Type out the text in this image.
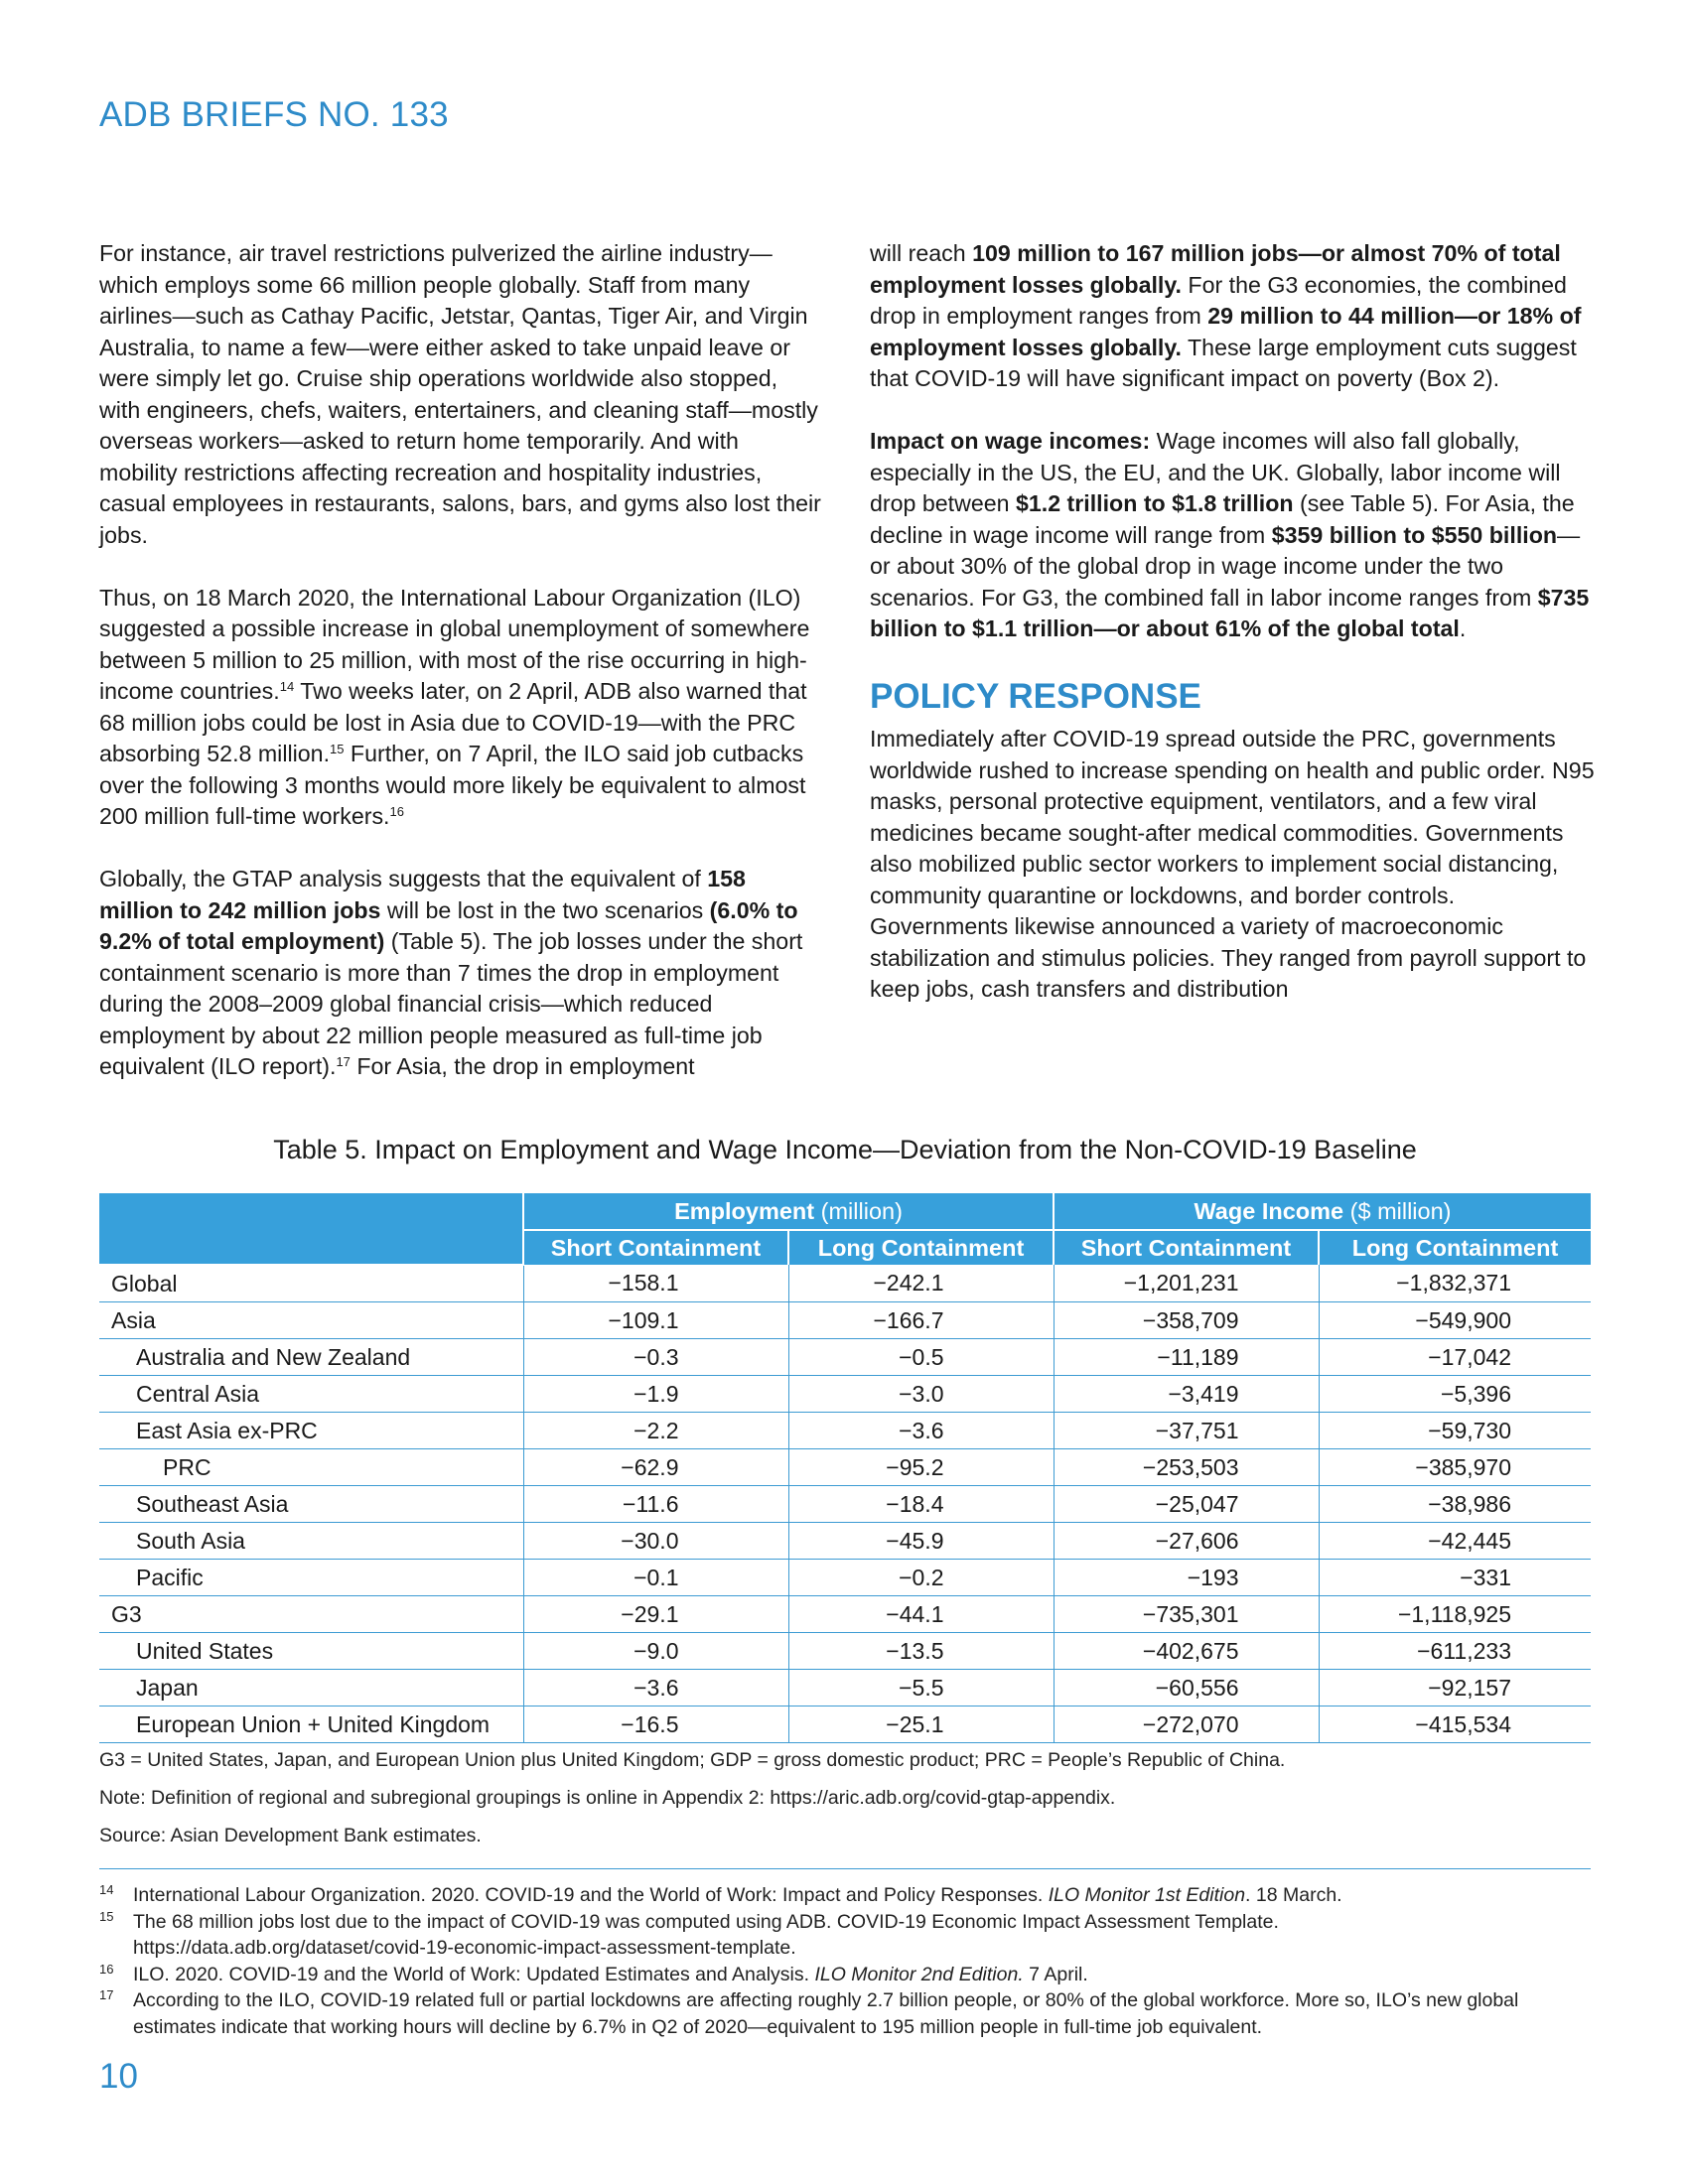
ADB BRIEFS NO. 133

For instance, air travel restrictions pulverized the airline industry—which employs some 66 million people globally. Staff from many airlines—such as Cathay Pacific, Jetstar, Qantas, Tiger Air, and Virgin Australia, to name a few—were either asked to take unpaid leave or were simply let go. Cruise ship operations worldwide also stopped, with engineers, chefs, waiters, entertainers, and cleaning staff—mostly overseas workers—asked to return home temporarily. And with mobility restrictions affecting recreation and hospitality industries, casual employees in restaurants, salons, bars, and gyms also lost their jobs.

Thus, on 18 March 2020, the International Labour Organization (ILO) suggested a possible increase in global unemployment of somewhere between 5 million to 25 million, with most of the rise occurring in high-income countries.$^{14}$ Two weeks later, on 2 April, ADB also warned that 68 million jobs could be lost in Asia due to COVID-19—with the PRC absorbing 52.8 million.$^{15}$ Further, on 7 April, the ILO said job cutbacks over the following 3 months would more likely be equivalent to almost 200 million full-time workers.$^{16}$

Globally, the GTAP analysis suggests that the equivalent of 158 million to 242 million jobs will be lost in the two scenarios (6.0% to 9.2% of total employment) (Table 5). The job losses under the short containment scenario is more than 7 times the drop in employment during the 2008–2009 global financial crisis—which reduced employment by about 22 million people measured as full-time job equivalent (ILO report).$^{17}$ For Asia, the drop in employment

will reach 109 million to 167 million jobs—or almost 70% of total employment losses globally. For the G3 economies, the combined drop in employment ranges from 29 million to 44 million—or 18% of employment losses globally. These large employment cuts suggest that COVID-19 will have significant impact on poverty (Box 2).

Impact on wage incomes: Wage incomes will also fall globally, especially in the US, the EU, and the UK. Globally, labor income will drop between $1.2 trillion to $1.8 trillion (see Table 5). For Asia, the decline in wage income will range from $359 billion to $550 billion—or about 30% of the global drop in wage income under the two scenarios. For G3, the combined fall in labor income ranges from $735 billion to $1.1 trillion—or about 61% of the global total.

POLICY RESPONSE

Immediately after COVID-19 spread outside the PRC, governments worldwide rushed to increase spending on health and public order. N95 masks, personal protective equipment, ventilators, and a few viral medicines became sought-after medical commodities. Governments also mobilized public sector workers to implement social distancing, community quarantine or lockdowns, and border controls. Governments likewise announced a variety of macroeconomic stabilization and stimulus policies. They ranged from payroll support to keep jobs, cash transfers and distribution

Table 5. Impact on Employment and Wage Income—Deviation from the Non-COVID-19 Baseline
	Employment (million)		Wage Income ($ million)	
	Short Containment	Long Containment	Short Containment	Long Containment
Global	−158.1	−242.1	−1,201,231	−1,832,371
Asia	−109.1	−166.7	−358,709	−549,900
Australia and New Zealand	−0.3	−0.5	−11,189	−17,042
Central Asia	−1.9	−3.0	−3,419	−5,396
East Asia ex-PRC	−2.2	−3.6	−37,751	−59,730
PRC	−62.9	−95.2	−253,503	−385,970
Southeast Asia	−11.6	−18.4	−25,047	−38,986
South Asia	−30.0	−45.9	−27,606	−42,445
Pacific	−0.1	−0.2	−193	−331
G3	−29.1	−44.1	−735,301	−1,118,925
United States	−9.0	−13.5	−402,675	−611,233
Japan	−3.6	−5.5	−60,556	−92,157
European Union + United Kingdom	−16.5	−25.1	−272,070	−415,534
G3 = United States, Japan, and European Union plus United Kingdom; GDP = gross domestic product; PRC = People’s Republic of China.
Note: Definition of regional and subregional groupings is online in Appendix 2: https://aric.adb.org/covid-gtap-appendix.
Source: Asian Development Bank estimates.
14 International Labour Organization. 2020. COVID-19 and the World of Work: Impact and Policy Responses. ILO Monitor 1st Edition. 18 March.
15 The 68 million jobs lost due to the impact of COVID-19 was computed using ADB. COVID-19 Economic Impact Assessment Template. https://data.adb.org/dataset/covid-19-economic-impact-assessment-template.
16 ILO. 2020. COVID-19 and the World of Work: Updated Estimates and Analysis. ILO Monitor 2nd Edition. 7 April.
17 According to the ILO, COVID-19 related full or partial lockdowns are affecting roughly 2.7 billion people, or 80% of the global workforce. More so, ILO’s new global estimates indicate that working hours will decline by 6.7% in Q2 of 2020—equivalent to 195 million people in full-time job equivalent.
10
